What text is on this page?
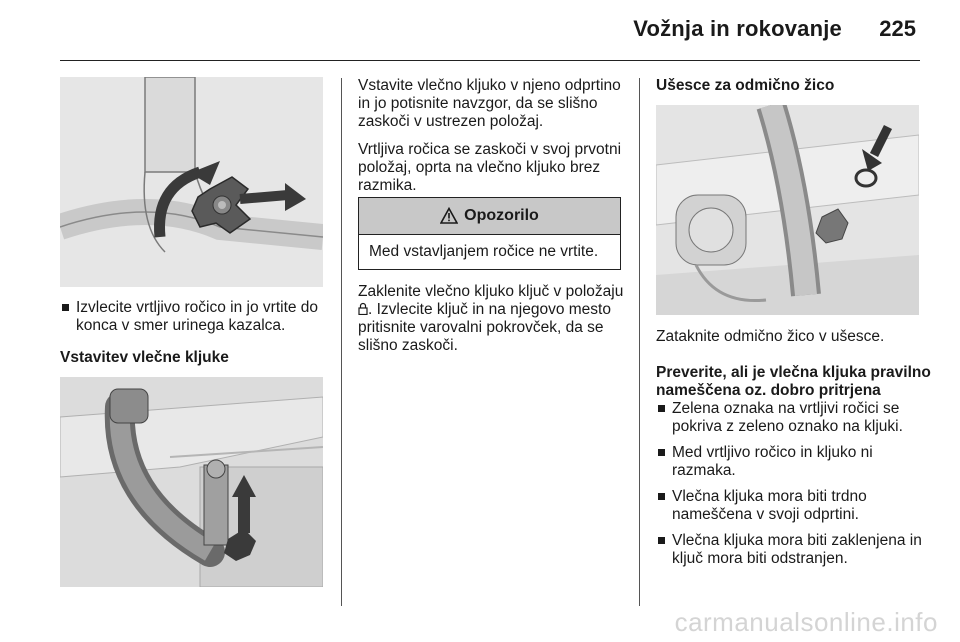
Vožnja in rokovanje 225
Izvlecite vrtljivo ročico in jo vrtite do konca v smer urinega kazalca.
Vstavitev vlečne kljuke

Vstavite vlečno kljuko v njeno odprtino in jo potisnite navzgor, da se slišno zaskoči v ustrezen položaj.

Vrtljiva ročica se zaskoči v svoj prvotni položaj, oprta na vlečno kljuko brez razmika.

Opozorilo
Med vstavljanjem ročice ne vrtite.

Zaklenite vlečno kljuko ključ v položaju . Izvlecite ključ in na njegovo mesto pritisnite varovalni pokrovček, da se slišno zaskoči.

Ušesce za odmično žico
Zataknite odmično žico v ušesce.
Preverite, ali je vlečna kljuka pravilno nameščena oz. dobro pritrjena
Zelena oznaka na vrtljivi ročici se pokriva z zeleno oznako na kljuki.
Med vrtljivo ročico in kljuko ni razmaka.
Vlečna kljuka mora biti trdno nameščena v svoji odprtini.
Vlečna kljuka mora biti zaklenjena in ključ mora biti odstranjen.
carmanualsonline.info
